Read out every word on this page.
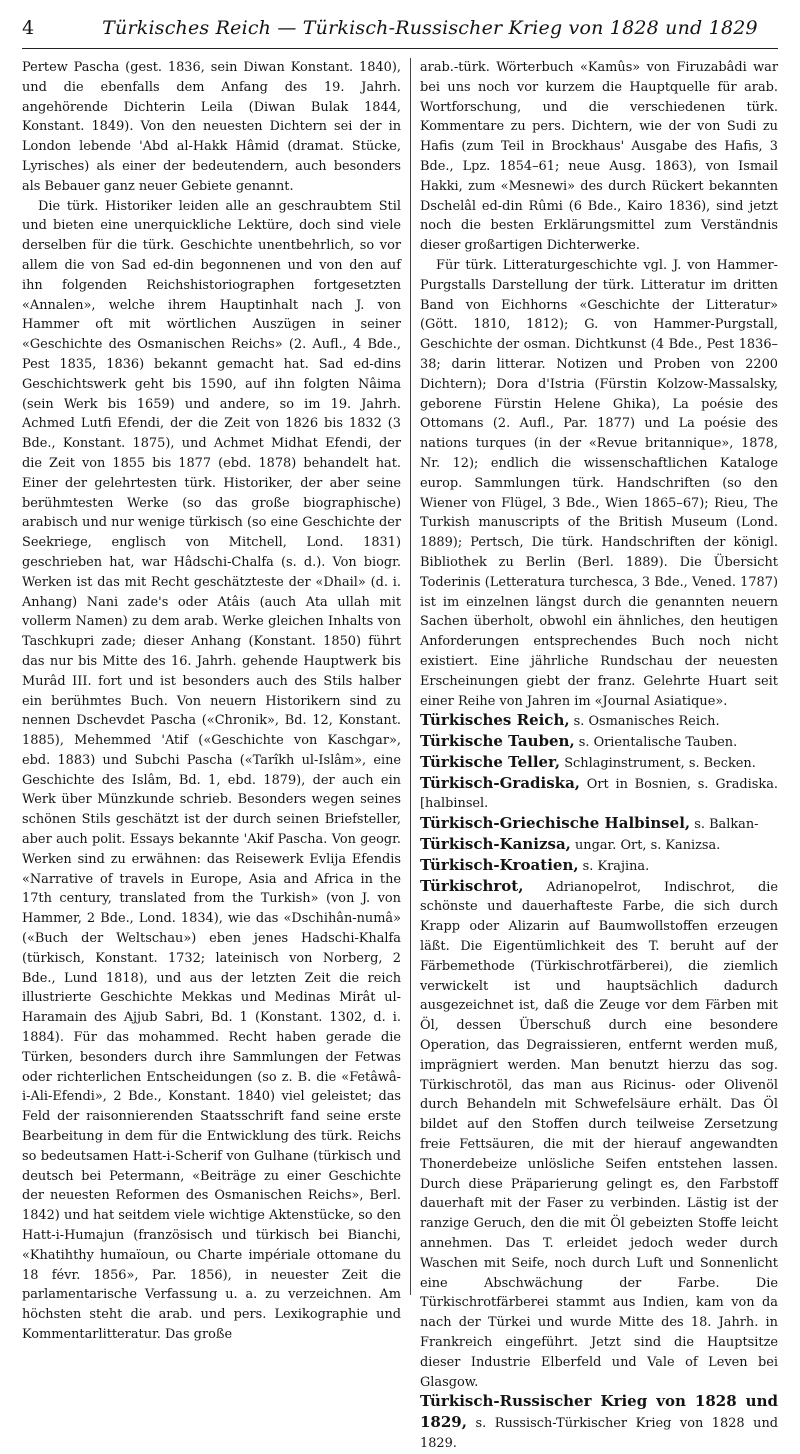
4	Türkisches Reich — Türkisch-Russischer Krieg von 1828 und 1829

Pertew Pascha (gest. 1836, sein Diwan Konstant. 1840), und die ebenfalls dem Anfang des 19. Jahrh. angehörende Dichterin Leila (Diwan Bulak 1844, Konstant. 1849). Von den neuesten Dichtern sei der in London lebende 'Abd al-Hakk Hâmid (dramat. Stücke, Lyrisches) als einer der bedeutendern, auch besonders als Bebauer ganz neuer Gebiete genannt.

Die türk. Historiker leiden alle an geschraubtem Stil und bieten eine unerquickliche Lektüre, doch sind viele derselben für die türk. Geschichte unentbehrlich, so vor allem die von Sad ed-din begonnenen und von den auf ihn folgenden Reichshistoriographen fortgesetzten «Annalen», welche ihrem Hauptinhalt nach J. von Hammer oft mit wörtlichen Auszügen in seiner «Geschichte des Osmanischen Reichs» (2. Aufl., 4 Bde., Pest 1835, 1836) bekannt gemacht hat. Sad ed-dins Geschichtswerk geht bis 1590, auf ihn folgten Nâima (sein Werk bis 1659) und andere, so im 19. Jahrh. Achmed Lutfi Efendi, der die Zeit von 1826 bis 1832 (3 Bde., Konstant. 1875), und Achmet Midhat Efendi, der die Zeit von 1855 bis 1877 (ebd. 1878) behandelt hat. Einer der gelehrtesten türk. Historiker, der aber seine berühmtesten Werke (so das große biographische) arabisch und nur wenige türkisch (so eine Geschichte der Seekriege, englisch von Mitchell, Lond. 1831) geschrieben hat, war Hâdschi-Chalfa (s. d.). Von biogr. Werken ist das mit Recht geschätzteste der «Dhail» (d. i. Anhang) Nani zade's oder Atâis (auch Ata ullah mit vollerm Namen) zu dem arab. Werke gleichen Inhalts von Taschkupri zade; dieser Anhang (Konstant. 1850) führt das nur bis Mitte des 16. Jahrh. gehende Hauptwerk bis Murâd III. fort und ist besonders auch des Stils halber ein berühmtes Buch. Von neuern Historikern sind zu nennen Dschevdet Pascha («Chronik», Bd. 12, Konstant. 1885), Mehemmed 'Atif («Geschichte von Kaschgar», ebd. 1883) und Subchi Pascha («Tarîkh ul-Islâm», eine Geschichte des Islâm, Bd. 1, ebd. 1879), der auch ein Werk über Münzkunde schrieb. Besonders wegen seines schönen Stils geschätzt ist der durch seinen Briefsteller, aber auch polit. Essays bekannte 'Akif Pascha. Von geogr. Werken sind zu erwähnen: das Reisewerk Evlija Efendis «Narrative of travels in Europe, Asia and Africa in the 17th century, translated from the Turkish» (von J. von Hammer, 2 Bde., Lond. 1834), wie das «Dschihân-numâ» («Buch der Weltschau») eben jenes Hadschi-Khalfa (türkisch, Konstant. 1732; lateinisch von Norberg, 2 Bde., Lund 1818), und aus der letzten Zeit die reich illustrierte Geschichte Mekkas und Medinas Mirât ul-Haramain des Ajjub Sabri, Bd. 1 (Konstant. 1302, d. i. 1884). Für das mohammed. Recht haben gerade die Türken, besonders durch ihre Sammlungen der Fetwas oder richterlichen Entscheidungen (so z. B. die «Fetâwâ-i-Ali-Efendi», 2 Bde., Konstant. 1840) viel geleistet; das Feld der raisonnierenden Staatsschrift fand seine erste Bearbeitung in dem für die Entwicklung des türk. Reichs so bedeutsamen Hatt-i-Scherif von Gulhane (türkisch und deutsch bei Petermann, «Beiträge zu einer Geschichte der neuesten Reformen des Osmanischen Reichs», Berl. 1842) und hat seitdem viele wichtige Aktenstücke, so den Hatt-i-Humajun (französisch und türkisch bei Bianchi, «Khatihthy humaïoun, ou Charte impériale ottomane du 18 févr. 1856», Par. 1856), in neuester Zeit die parlamentarische Verfassung u. a. zu verzeichnen. Am höchsten steht die arab. und pers. Lexikographie und Kommentarlitteratur. Das große

arab.-türk. Wörterbuch «Kamûs» von Firuzabâdi war bei uns noch vor kurzem die Hauptquelle für arab. Wortforschung, und die verschiedenen türk. Kommentare zu pers. Dichtern, wie der von Sudi zu Hafis (zum Teil in Brockhaus' Ausgabe des Hafis, 3 Bde., Lpz. 1854–61; neue Ausg. 1863), von Ismail Hakki, zum «Mesnewi» des durch Rückert bekannten Dschelâl ed-din Rûmi (6 Bde., Kairo 1836), sind jetzt noch die besten Erklärungsmittel zum Verständnis dieser großartigen Dichterwerke.

Für türk. Litteraturgeschichte vgl. J. von Hammer-Purgstalls Darstellung der türk. Litteratur im dritten Band von Eichhorns «Geschichte der Litteratur» (Gött. 1810, 1812); G. von Hammer-Purgstall, Geschichte der osman. Dichtkunst (4 Bde., Pest 1836–38; darin litterar. Notizen und Proben von 2200 Dichtern); Dora d'Istria (Fürstin Kolzow-Massalsky, geborene Fürstin Helene Ghika), La poésie des Ottomans (2. Aufl., Par. 1877) und La poésie des nations turques (in der «Revue britannique», 1878, Nr. 12); endlich die wissenschaftlichen Kataloge europ. Sammlungen türk. Handschriften (so den Wiener von Flügel, 3 Bde., Wien 1865–67); Rieu, The Turkish manuscripts of the British Museum (Lond. 1889); Pertsch, Die türk. Handschriften der königl. Bibliothek zu Berlin (Berl. 1889). Die Übersicht Toderinis (Letteratura turchesca, 3 Bde., Vened. 1787) ist im einzelnen längst durch die genannten neuern Sachen überholt, obwohl ein ähnliches, den heutigen Anforderungen entsprechendes Buch noch nicht existiert. Eine jährliche Rundschau der neuesten Erscheinungen giebt der franz. Gelehrte Huart seit einer Reihe von Jahren im «Journal Asiatique».

Türkisches Reich, s. Osmanisches Reich.

Türkische Tauben, s. Orientalische Tauben.

Türkische Teller, Schlaginstrument, s. Becken.

Türkisch-Gradiska, Ort in Bosnien, s. Gradiska. [halbinsel.

Türkisch-Griechische Halbinsel, s. Balkan-

Türkisch-Kanizsa, ungar. Ort, s. Kanizsa.

Türkisch-Kroatien, s. Krajina.

Türkischrot, Adrianopelrot, Indischrot, die schönste und dauerhafteste Farbe, die sich durch Krapp oder Alizarin auf Baumwollstoffen erzeugen läßt. Die Eigentümlichkeit des T. beruht auf der Färbemethode (Türkischrotfärberei), die ziemlich verwickelt ist und hauptsächlich dadurch ausgezeichnet ist, daß die Zeuge vor dem Färben mit Öl, dessen Überschuß durch eine besondere Operation, das Degraissieren, entfernt werden muß, imprägniert werden. Man benutzt hierzu das sog. Türkischrotöl, das man aus Ricinus- oder Olivenöl durch Behandeln mit Schwefelsäure erhält. Das Öl bildet auf den Stoffen durch teilweise Zersetzung freie Fettsäuren, die mit der hierauf angewandten Thonerdebeize unlösliche Seifen entstehen lassen. Durch diese Präparierung gelingt es, den Farbstoff dauerhaft mit der Faser zu verbinden. Lästig ist der ranzige Geruch, den die mit Öl gebeizten Stoffe leicht annehmen. Das T. erleidet jedoch weder durch Waschen mit Seife, noch durch Luft und Sonnenlicht eine Abschwächung der Farbe. Die Türkischrotfärberei stammt aus Indien, kam von da nach der Türkei und wurde Mitte des 18. Jahrh. in Frankreich eingeführt. Jetzt sind die Hauptsitze dieser Industrie Elberfeld und Vale of Leven bei Glasgow.

Türkisch-Russischer Krieg von 1828 und 1829, s. Russisch-Türkischer Krieg von 1828 und 1829.
